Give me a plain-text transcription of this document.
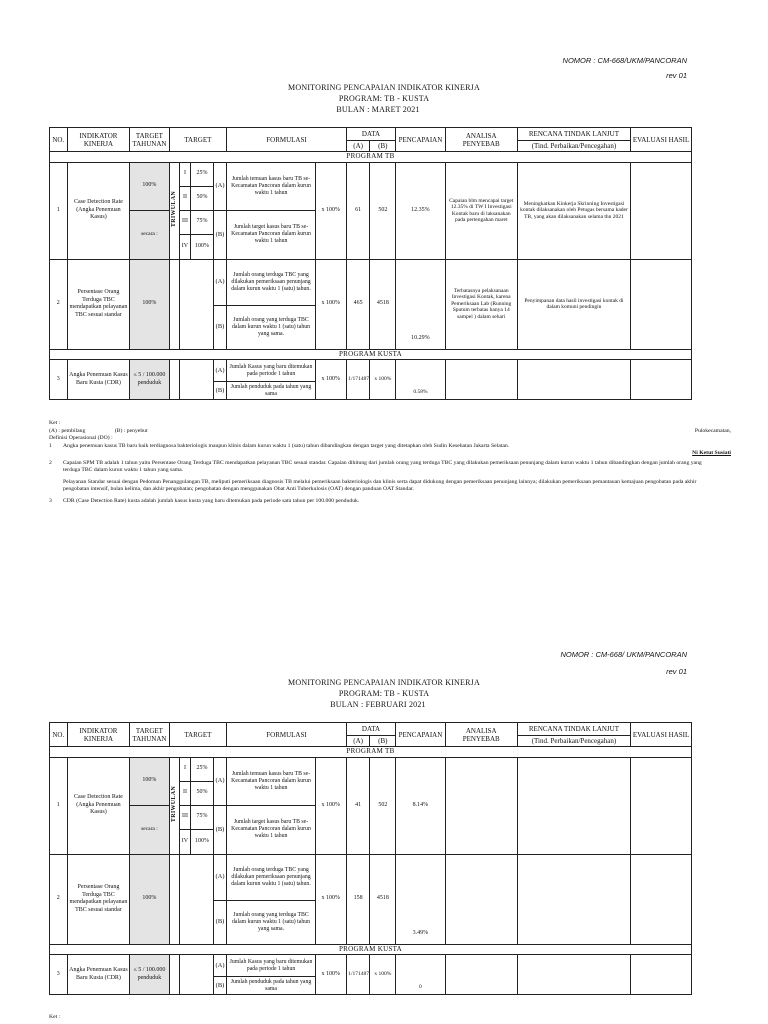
NOMOR : CM-668/UKM/PANCORAN
rev 01
MONITORING PENCAPAIAN INDIKATOR KINERJA
PROGRAM: TB - KUSTA
BULAN : MARET 2021
NO.	INDIKATOR KINERJA	TARGET TAHUNAN	TARGET				FORMULASI		DATA		PENCAPAIAN	ANALISA PENYEBAB	RENCANA TINDAK LANJUT	EVALUASI HASIL
									(A)	(B)			(Tind. Perbaikan/Pencegahan)	
PROGRAM TB														
1	Case Detection Rate (Angka Penemuan Kasus)	100%	TRIWULAN	I	25%	(A)	Jumlah temuan kasus baru TB se-Kecamatan Pancoran dalam kurun waktu 1 tahun	x 100%	61	502	12.35%	Capaian blm mencapai target 12.35% di TW I Investigasi Kontak baru di laksanakan pada pertengahan maret	Meningkatkan Kinkerja Skrinning Investigasi kontak dilaksanakan oleh Petugas bersama kader TB, yang akan dilaksanakan selama thn 2021	
				II	50%									
		secara :		III	75%	(B)	Jumlah target kasus baru TB se-Kecamatan Pancoran dalam kurun waktu 1 tahun							
				IV	100%									
2	Persentase Orang Terduga TBC mendapatkan pelayanan TBC sesuai standar	100%				(A)	Jumlah orang terduga TBC yang dilakukan pemeriksaan penunjang dalam kurun waktu 1 (satu) tahun.	x 100%	465	4518	10.29%	Terbatasnya pelaksanaan Investigasi Kontak, karena Pemeriksaan Lab (Running Sputum terbatas hanya 14 sampel ) dalam sehari	Penyimpanan data hasil investigasi kontak di dalam komuni pendingin	
						(B)	Jumlah orang yang terduga TBC dalam kurun waktu 1 (satu) tahun yang sama.							
PROGRAM KUSTA														
3	Angka Penemuan Kasus Baru Kusta (CDR)	≤ 5 / 100.000 penduduk				(A)	Jumlah Kasus yang baru ditemukan pada periode 1 tahun	x 100%	1/171487	x 100%	0.58%			
						(B)	Jumlah penduduk pada tahun yang sama							
Ket :
(A) : pembilang	(B) : penyebut	Pulokecamatan,
Definisi Operasional (DO) :
1	Angka penemuan kasus TB baru baik terdiagnosa bakteriologis maupun klinis dalam kurun waktu 1 (satu) tahun dibandingkan dengan target yang ditetapkan oleh Sudin Kesehatan Jakarta Selatan.
Ni Ketut Susiati
2	Capaian SPM TB adalah 1 tahun yaitu Persentase Orang Terduga TBC mendapatkan pelayanan TBC sesuai standar. Capaian dihitung dari jumlah orang yang terduga TBC yang dilakukan pemeriksaan penunjang dalam kurun waktu 1 tahun dibandingkan dengan jumlah orang yang terduga TBC dalam kurun waktu 1 tahun yang sama.
Pelayanan Standar sesuai dengan Pedoman Penanggulangan TB, meliputi pemeriksaan diagnosis TB melalui pemeriksaan bakteriologis dan klinis serta dapat didukung dengan pemeriksaan penunjang lainnya; dilakukan pemeriksaan pemantauan kemajuan pengobatan pada akhir pengobatan intensif, bulan kelima, dan akhir pengobatan; pengobatan dengan menggunakan Obat Anti Tuberkulosis (OAT) dengan panduan OAT Standar.
3	CDR (Case Detection Rate) kusta adalah jumlah kasus kusta yang baru ditemukan pada periode satu tahun per 100.000 penduduk.
NOMOR : CM-668/ UKM/PANCORAN
rev 01
MONITORING PENCAPAIAN INDIKATOR KINERJA
PROGRAM: TB - KUSTA
BULAN : FEBRUARI 2021
NO.	INDIKATOR KINERJA	TARGET TAHUNAN	TARGET				FORMULASI		DATA		PENCAPAIAN	ANALISA PENYEBAB	RENCANA TINDAK LANJUT	EVALUASI HASIL
									(A)	(B)			(Tind. Perbaikan/Pencegahan)	
PROGRAM TB														
1	Case Detection Rate (Angka Penemuan Kasus)	100%	TRIWULAN	I	25%	(A)	Jumlah temuan kasus baru TB se-Kecamatan Pancoran dalam kurun waktu 1 tahun	x 100%	41	502	8.14%			
				II	50%									
		secara :		III	75%	(B)	Jumlah target kasus baru TB se-Kecamatan Pancoran dalam kurun waktu 1 tahun							
				IV	100%									
2	Persentase Orang Terduga TBC mendapatkan pelayanan TBC sesuai standar	100%				(A)	Jumlah orang terduga TBC yang dilakukan pemeriksaan penunjang dalam kurun waktu 1 (satu) tahun.	x 100%	158	4518	3.49%			
						(B)	Jumlah orang yang terduga TBC dalam kurun waktu 1 (satu) tahun yang sama.							
PROGRAM KUSTA														
3	Angka Penemuan Kasus Baru Kusta (CDR)	≤ 5 / 100.000 penduduk				(A)	Jumlah Kasus yang baru ditemukan pada periode 1 tahun	x 100%	1/171487	x 100%	0			
						(B)	Jumlah penduduk pada tahun yang sama							
Ket :
